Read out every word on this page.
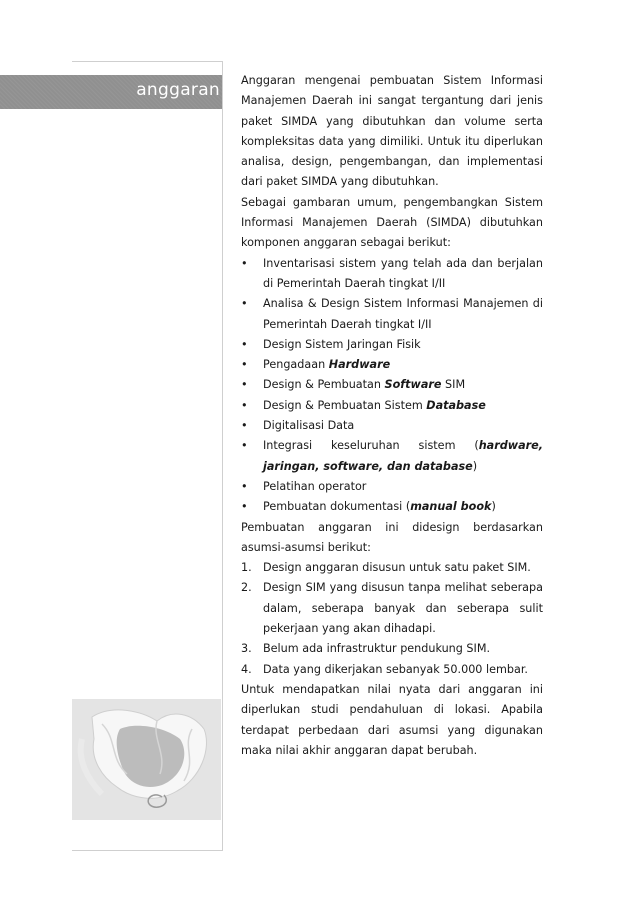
anggaran Anggaran mengenai pembuatan Sistem Informasi Manajemen Daerah ini sangat tergantung dari jenis paket SIMDA yang dibutuhkan dan volume serta kompleksitas data yang dimiliki. Untuk itu diperlukan analisa, design, pengembangan, dan implementasi dari paket SIMDA yang dibutuhkan.

Sebagai gambaran umum, pengembangkan Sistem Informasi Manajemen Daerah (SIMDA) dibutuhkan komponen anggaran sebagai berikut:

• Inventarisasi sistem yang telah ada dan berjalan di Pemerintah Daerah tingkat I/II
• Analisa & Design Sistem Informasi Manajemen di Pemerintah Daerah tingkat I/II
• Design Sistem Jaringan Fisik
• Pengadaan Hardware
• Design & Pembuatan Software SIM
• Design & Pembuatan Sistem Database
• Digitalisasi Data
• Integrasi keseluruhan sistem (hardware, jaringan, software, dan database)
• Pelatihan operator
• Pembuatan dokumentasi (manual book)

Pembuatan anggaran ini didesign berdasarkan asumsi-asumsi berikut:

1. Design anggaran disusun untuk satu paket SIM.
2. Design SIM yang disusun tanpa melihat seberapa dalam, seberapa banyak dan seberapa sulit pekerjaan yang akan dihadapi.
3. Belum ada infrastruktur pendukung SIM.
4. Data yang dikerjakan sebanyak 50.000 lembar.

Untuk mendapatkan nilai nyata dari anggaran ini diperlukan studi pendahuluan di lokasi. Apabila terdapat perbedaan dari asumsi yang digunakan maka nilai akhir anggaran dapat berubah.
